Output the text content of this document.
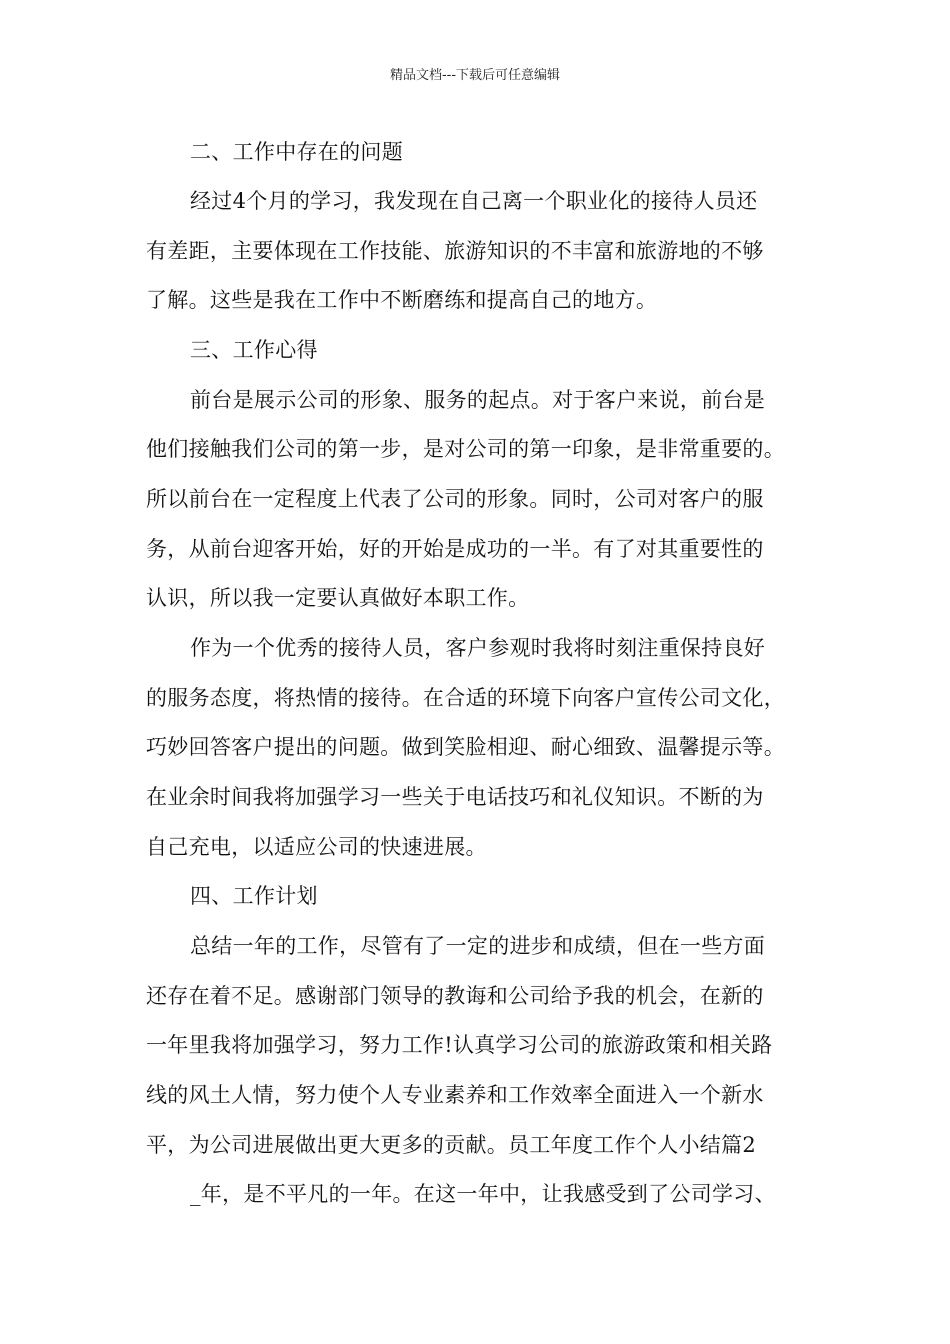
精品文档---下载后可任意编辑
二、工作中存在的问题
经过4个月的学习，我发现在自己离一个职业化的接待人员还
有差距，主要体现在工作技能、旅游知识的不丰富和旅游地的不够
了解。这些是我在工作中不断磨练和提高自己的地方。
三、工作心得
前台是展示公司的形象、服务的起点。对于客户来说，前台是
他们接触我们公司的第一步，是对公司的第一印象，是非常重要的。
所以前台在一定程度上代表了公司的形象。同时，公司对客户的服
务，从前台迎客开始，好的开始是成功的一半。有了对其重要性的
认识，所以我一定要认真做好本职工作。
作为一个优秀的接待人员，客户参观时我将时刻注重保持良好
的服务态度，将热情的接待。在合适的环境下向客户宣传公司文化，
巧妙回答客户提出的问题。做到笑脸相迎、耐心细致、温馨提示等。
在业余时间我将加强学习一些关于电话技巧和礼仪知识。不断的为
自己充电，以适应公司的快速进展。
四、工作计划
总结一年的工作，尽管有了一定的进步和成绩，但在一些方面
还存在着不足。感谢部门领导的教诲和公司给予我的机会，在新的
一年里我将加强学习，努力工作!认真学习公司的旅游政策和相关路
线的风土人情，努力使个人专业素养和工作效率全面进入一个新水
平，为公司进展做出更大更多的贡献。员工年度工作个人小结篇2
_年，是不平凡的一年。在这一年中，让我感受到了公司学习、
